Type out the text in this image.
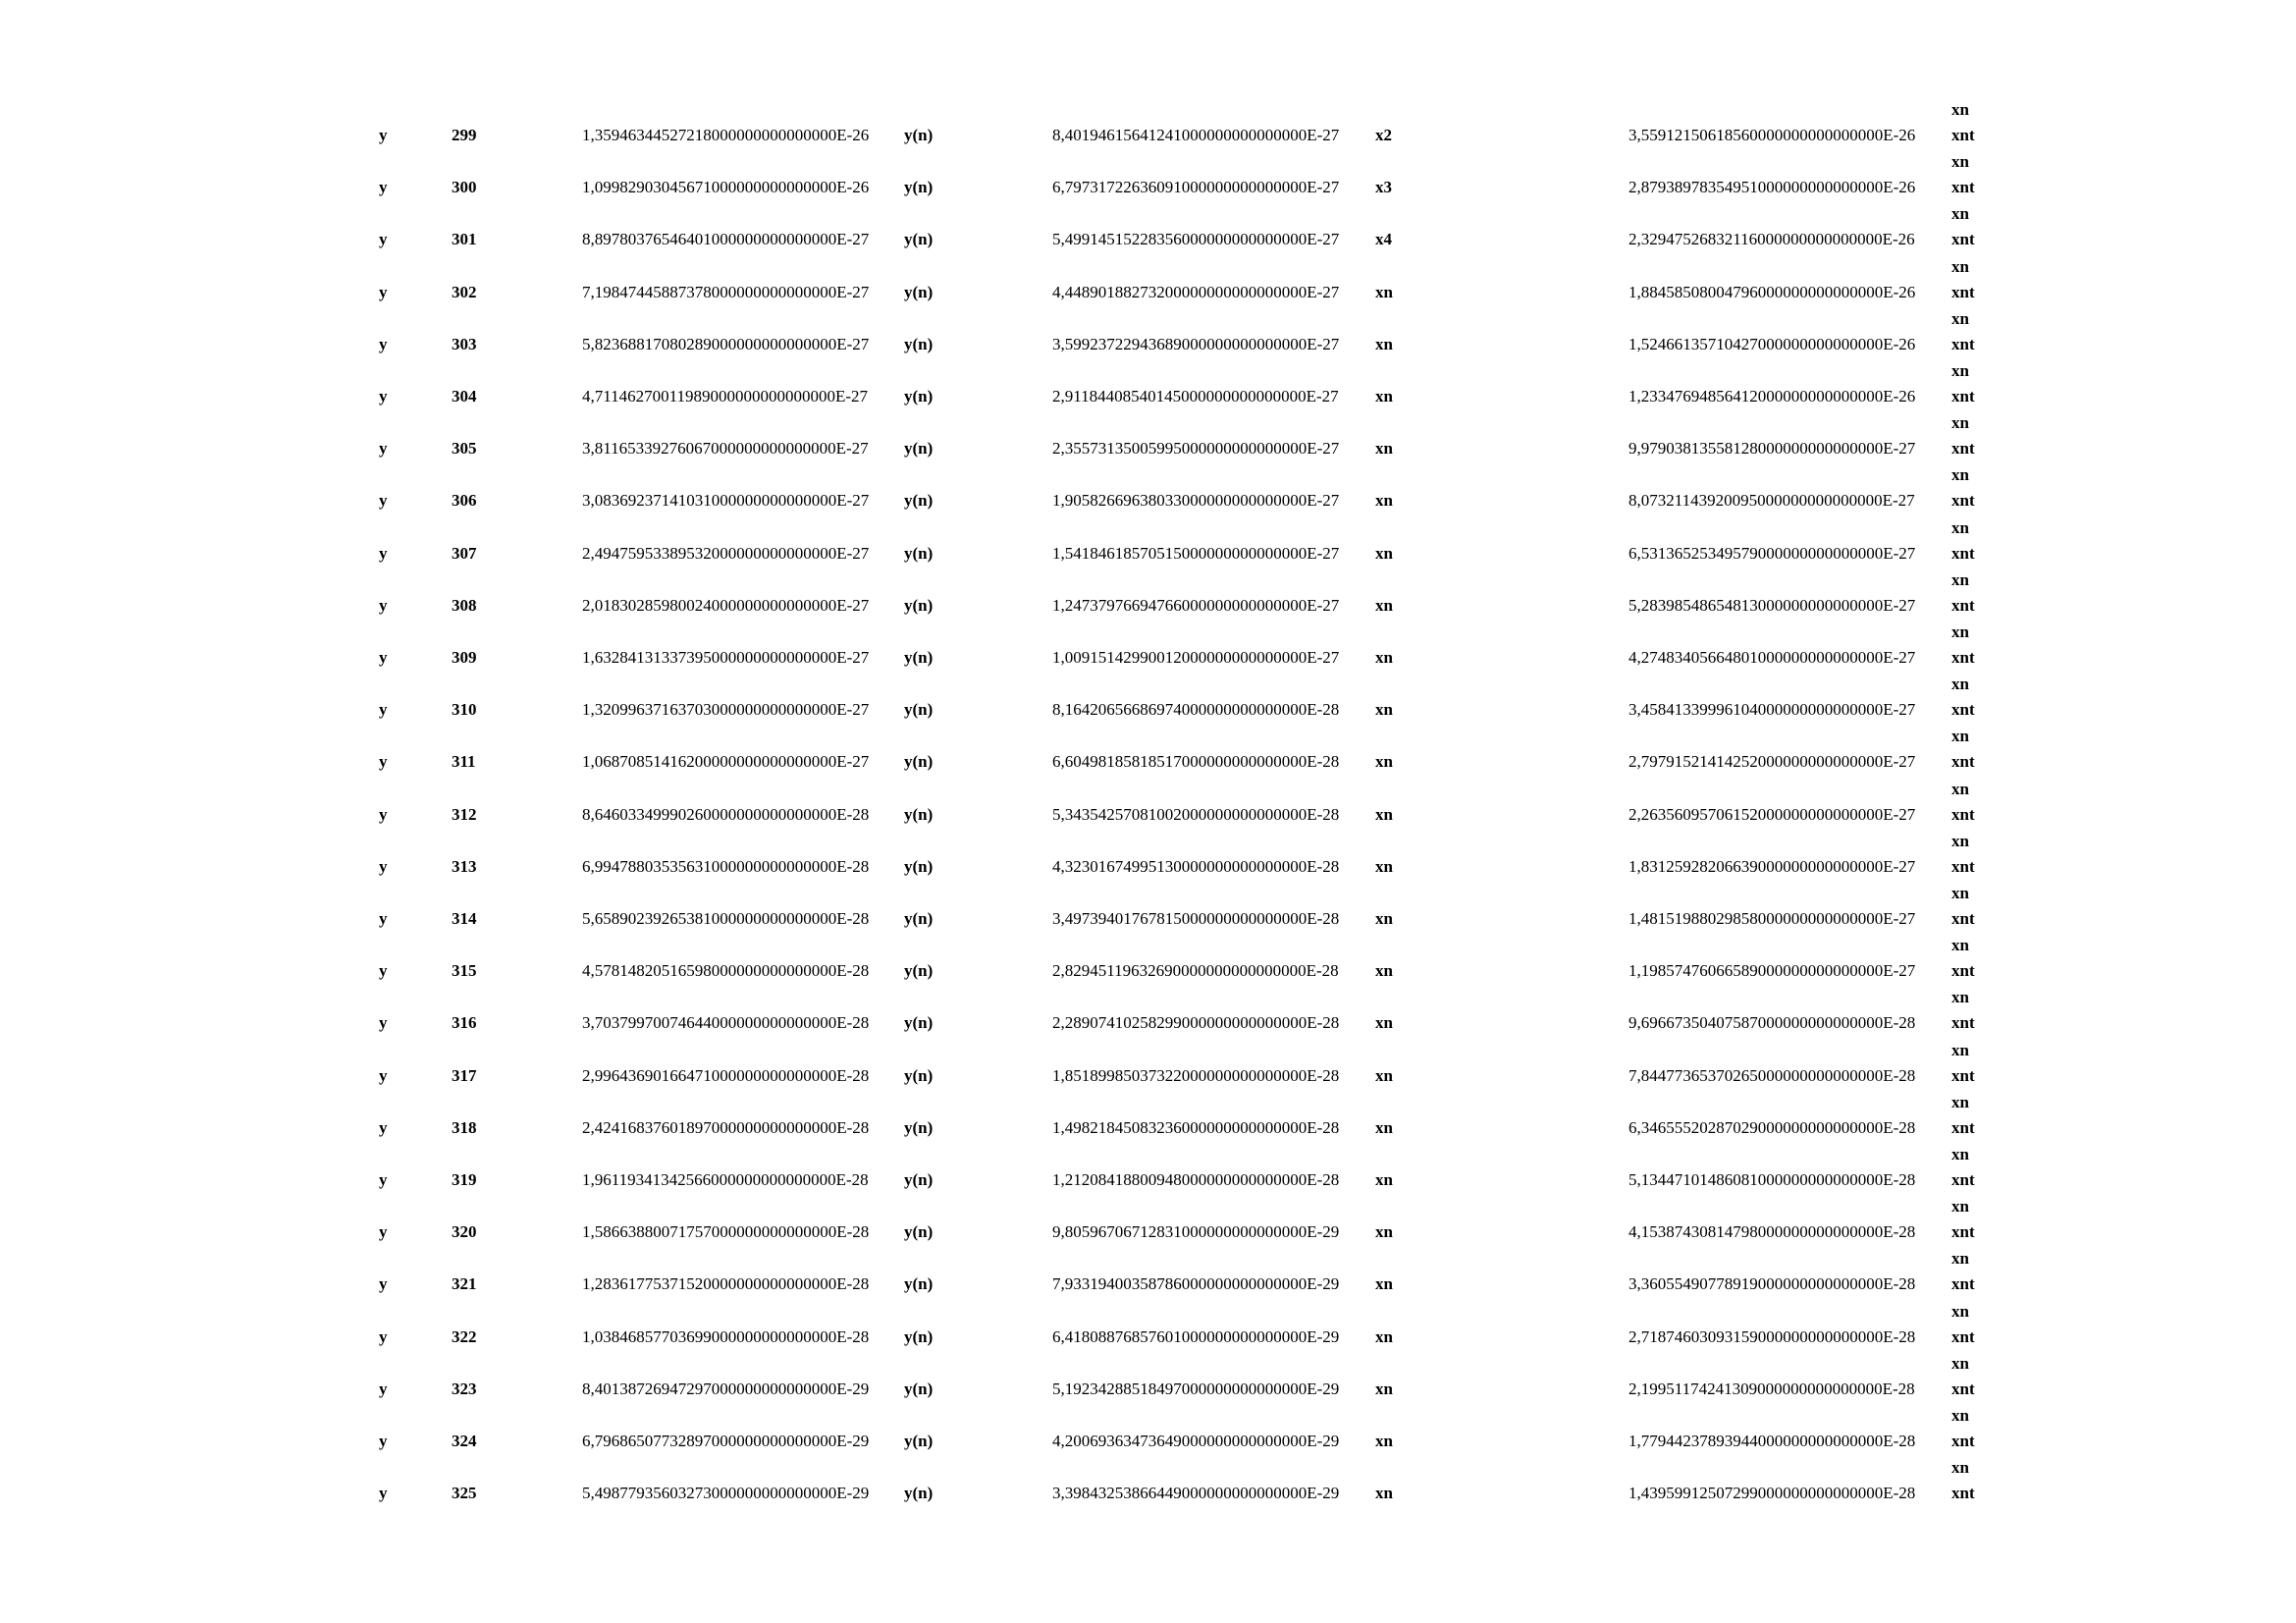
xn
y	299	1,35946344527218000000000000000E-26 y(n)	8,40194615641241000000000000000E-27 x2	3,55912150618560000000000000000E-26 xnt
xn
y	300	1,09982903045671000000000000000E-26 y(n)	6,79731722636091000000000000000E-27 x3	2,87938978354951000000000000000E-26 xnt
xn
y	301	8,89780376546401000000000000000E-27 y(n)	5,49914515228356000000000000000E-27 x4	2,32947526832116000000000000000E-26 xnt
xn
y	302	7,19847445887378000000000000000E-27 y(n)	4,44890188273200000000000000000E-27 xn	1,88458508004796000000000000000E-26 xnt
xn
y	303	5,82368817080289000000000000000E-27 y(n)	3,59923722943689000000000000000E-27 xn	1,52466135710427000000000000000E-26 xnt
xn
y	304	4,71146270011989000000000000000E-27 y(n)	2,91184408540145000000000000000E-27 xn	1,23347694856412000000000000000E-26 xnt
xn
y	305	3,81165339276067000000000000000E-27 y(n)	2,35573135005995000000000000000E-27 xn	9,97903813558128000000000000000E-27 xnt
xn
y	306	3,08369237141031000000000000000E-27 y(n)	1,90582669638033000000000000000E-27 xn	8,07321143920095000000000000000E-27 xnt
xn
y	307	2,49475953389532000000000000000E-27 y(n)	1,54184618570515000000000000000E-27 xn	6,53136525349579000000000000000E-27 xnt
xn
y	308	2,01830285980024000000000000000E-27 y(n)	1,24737976694766000000000000000E-27 xn	5,28398548654813000000000000000E-27 xnt
xn
y	309	1,63284131337395000000000000000E-27 y(n)	1,00915142990012000000000000000E-27 xn	4,27483405664801000000000000000E-27 xnt
xn
y	310	1,32099637163703000000000000000E-27 y(n)	8,16420656686974000000000000000E-28 xn	3,45841339996104000000000000000E-27 xnt
xn
y	311	1,06870851416200000000000000000E-27 y(n)	6,60498185818517000000000000000E-28 xn	2,79791521414252000000000000000E-27 xnt
xn
y	312	8,64603349990260000000000000000E-28 y(n)	5,34354257081002000000000000000E-28 xn	2,26356095706152000000000000000E-27 xnt
xn
y	313	6,99478803535631000000000000000E-28 y(n)	4,32301674995130000000000000000E-28 xn	1,83125928206639000000000000000E-27 xnt
xn
y	314	5,65890239265381000000000000000E-28 y(n)	3,49739401767815000000000000000E-28 xn	1,48151988029858000000000000000E-27 xnt
xn
y	315	4,57814820516598000000000000000E-28 y(n)	2,82945119632690000000000000000E-28 xn	1,19857476066589000000000000000E-27 xnt
xn
y	316	3,70379970074644000000000000000E-28 y(n)	2,28907410258299000000000000000E-28 xn	9,69667350407587000000000000000E-28 xnt
xn
y	317	2,99643690166471000000000000000E-28 y(n)	1,85189985037322000000000000000E-28 xn	7,84477365370265000000000000000E-28 xnt
xn
y	318	2,42416837601897000000000000000E-28 y(n)	1,49821845083236000000000000000E-28 xn	6,34655520287029000000000000000E-28 xnt
xn
y	319	1,96119341342566000000000000000E-28 y(n)	1,21208418800948000000000000000E-28 xn	5,13447101486081000000000000000E-28 xnt
xn
y	320	1,58663880071757000000000000000E-28 y(n)	9,80596706712831000000000000000E-29 xn	4,15387430814798000000000000000E-28 xnt
xn
y	321	1,28361775371520000000000000000E-28 y(n)	7,93319400358786000000000000000E-29 xn	3,36055490778919000000000000000E-28 xnt
xn
y	322	1,03846857703699000000000000000E-28 y(n)	6,41808876857601000000000000000E-29 xn	2,71874603093159000000000000000E-28 xnt
xn
y	323	8,40138726947297000000000000000E-29 y(n)	5,19234288518497000000000000000E-29 xn	2,19951174241309000000000000000E-28 xnt
xn
y	324	6,79686507732897000000000000000E-29 y(n)	4,20069363473649000000000000000E-29 xn	1,77944237893944000000000000000E-28 xnt
xn
y	325	5,49877935603273000000000000000E-29 y(n)	3,39843253866449000000000000000E-29 xn	1,43959912507299000000000000000E-28 xnt
